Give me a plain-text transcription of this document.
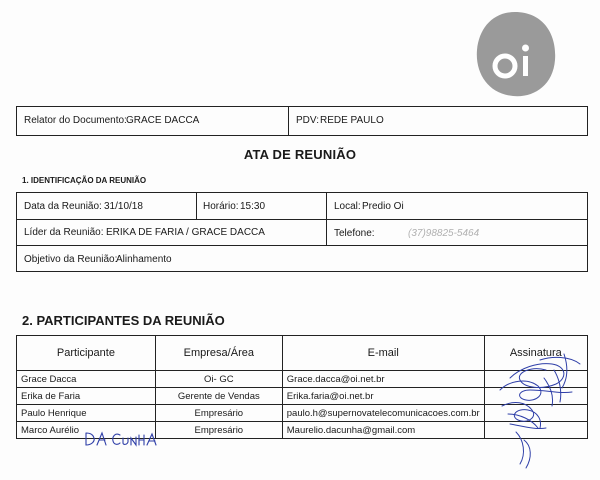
Relator do Documento: GRACE DACCA	PDV: REDE PAULO
ATA DE REUNIÃO
1. IDENTIFICAÇÃO DA REUNIÃO
Data da Reunião: 31/10/18	Horário: 15:30	Local: Predio Oi
Líder da Reunião: ERIKA DE FARIA / GRACE DACCA	Telefone:	(37)98825-5464
Objetivo da Reunião:
Alinhamento
2. PARTICIPANTES DA REUNIÃO
Participante	Empresa/Área	E-mail	Assinatura
Grace Dacca	Oi- GC	Grace.dacca@oi.net.br	
Erika de Faria	Gerente de Vendas	Erika.faria@oi.net.br	
Paulo Henrique	Empresário	paulo.h@supernovatelecomunicacoes.com.br	
Marco Aurélio	Empresário	Maurelio.dacunha@gmail.com	
